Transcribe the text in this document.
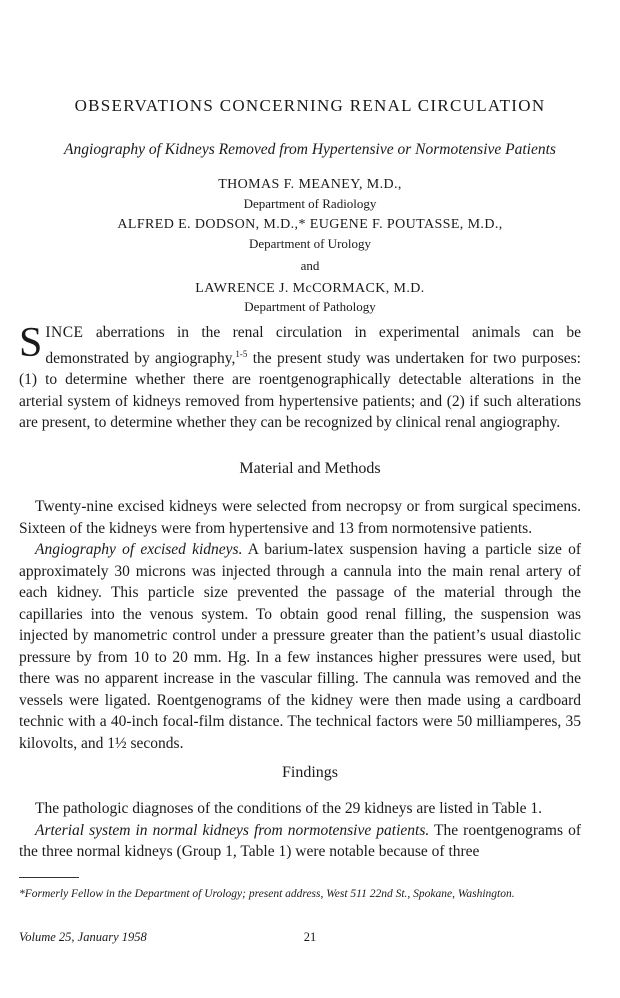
OBSERVATIONS CONCERNING RENAL CIRCULATION
Angiography of Kidneys Removed from Hypertensive or Normotensive Patients
THOMAS F. MEANEY, M.D.,
Department of Radiology
ALFRED E. DODSON, M.D.,* EUGENE F. POUTASSE, M.D.,
Department of Urology
and
LAWRENCE J. McCORMACK, M.D.
Department of Pathology
SINCE aberrations in the renal circulation in experimental animals can be demonstrated by angiography,$^{1-5}$ the present study was undertaken for two purposes: (1) to determine whether there are roentgenographically detectable alterations in the arterial system of kidneys removed from hypertensive patients; and (2) if such alterations are present, to determine whether they can be recognized by clinical renal angiography.
Material and Methods

Twenty-nine excised kidneys were selected from necropsy or from surgical specimens. Sixteen of the kidneys were from hypertensive and 13 from normotensive patients.

Angiography of excised kidneys. A barium-latex suspension having a particle size of approximately 30 microns was injected through a cannula into the main renal artery of each kidney. This particle size prevented the passage of the material through the capillaries into the venous system. To obtain good renal filling, the suspension was injected by manometric control under a pressure greater than the patient’s usual diastolic pressure by from 10 to 20 mm. Hg. In a few instances higher pressures were used, but there was no apparent increase in the vascular filling. The cannula was removed and the vessels were ligated. Roentgenograms of the kidney were then made using a cardboard technic with a 40-inch focal-film distance. The technical factors were 50 milliamperes, 35 kilovolts, and 1½ seconds.

Findings

The pathologic diagnoses of the conditions of the 29 kidneys are listed in Table 1.

Arterial system in normal kidneys from normotensive patients. The roentgenograms of the three normal kidneys (Group 1, Table 1) were notable because of three

*Formerly Fellow in the Department of Urology; present address, West 511 22nd St., Spokane, Washington.
Volume 25, January 1958	21
